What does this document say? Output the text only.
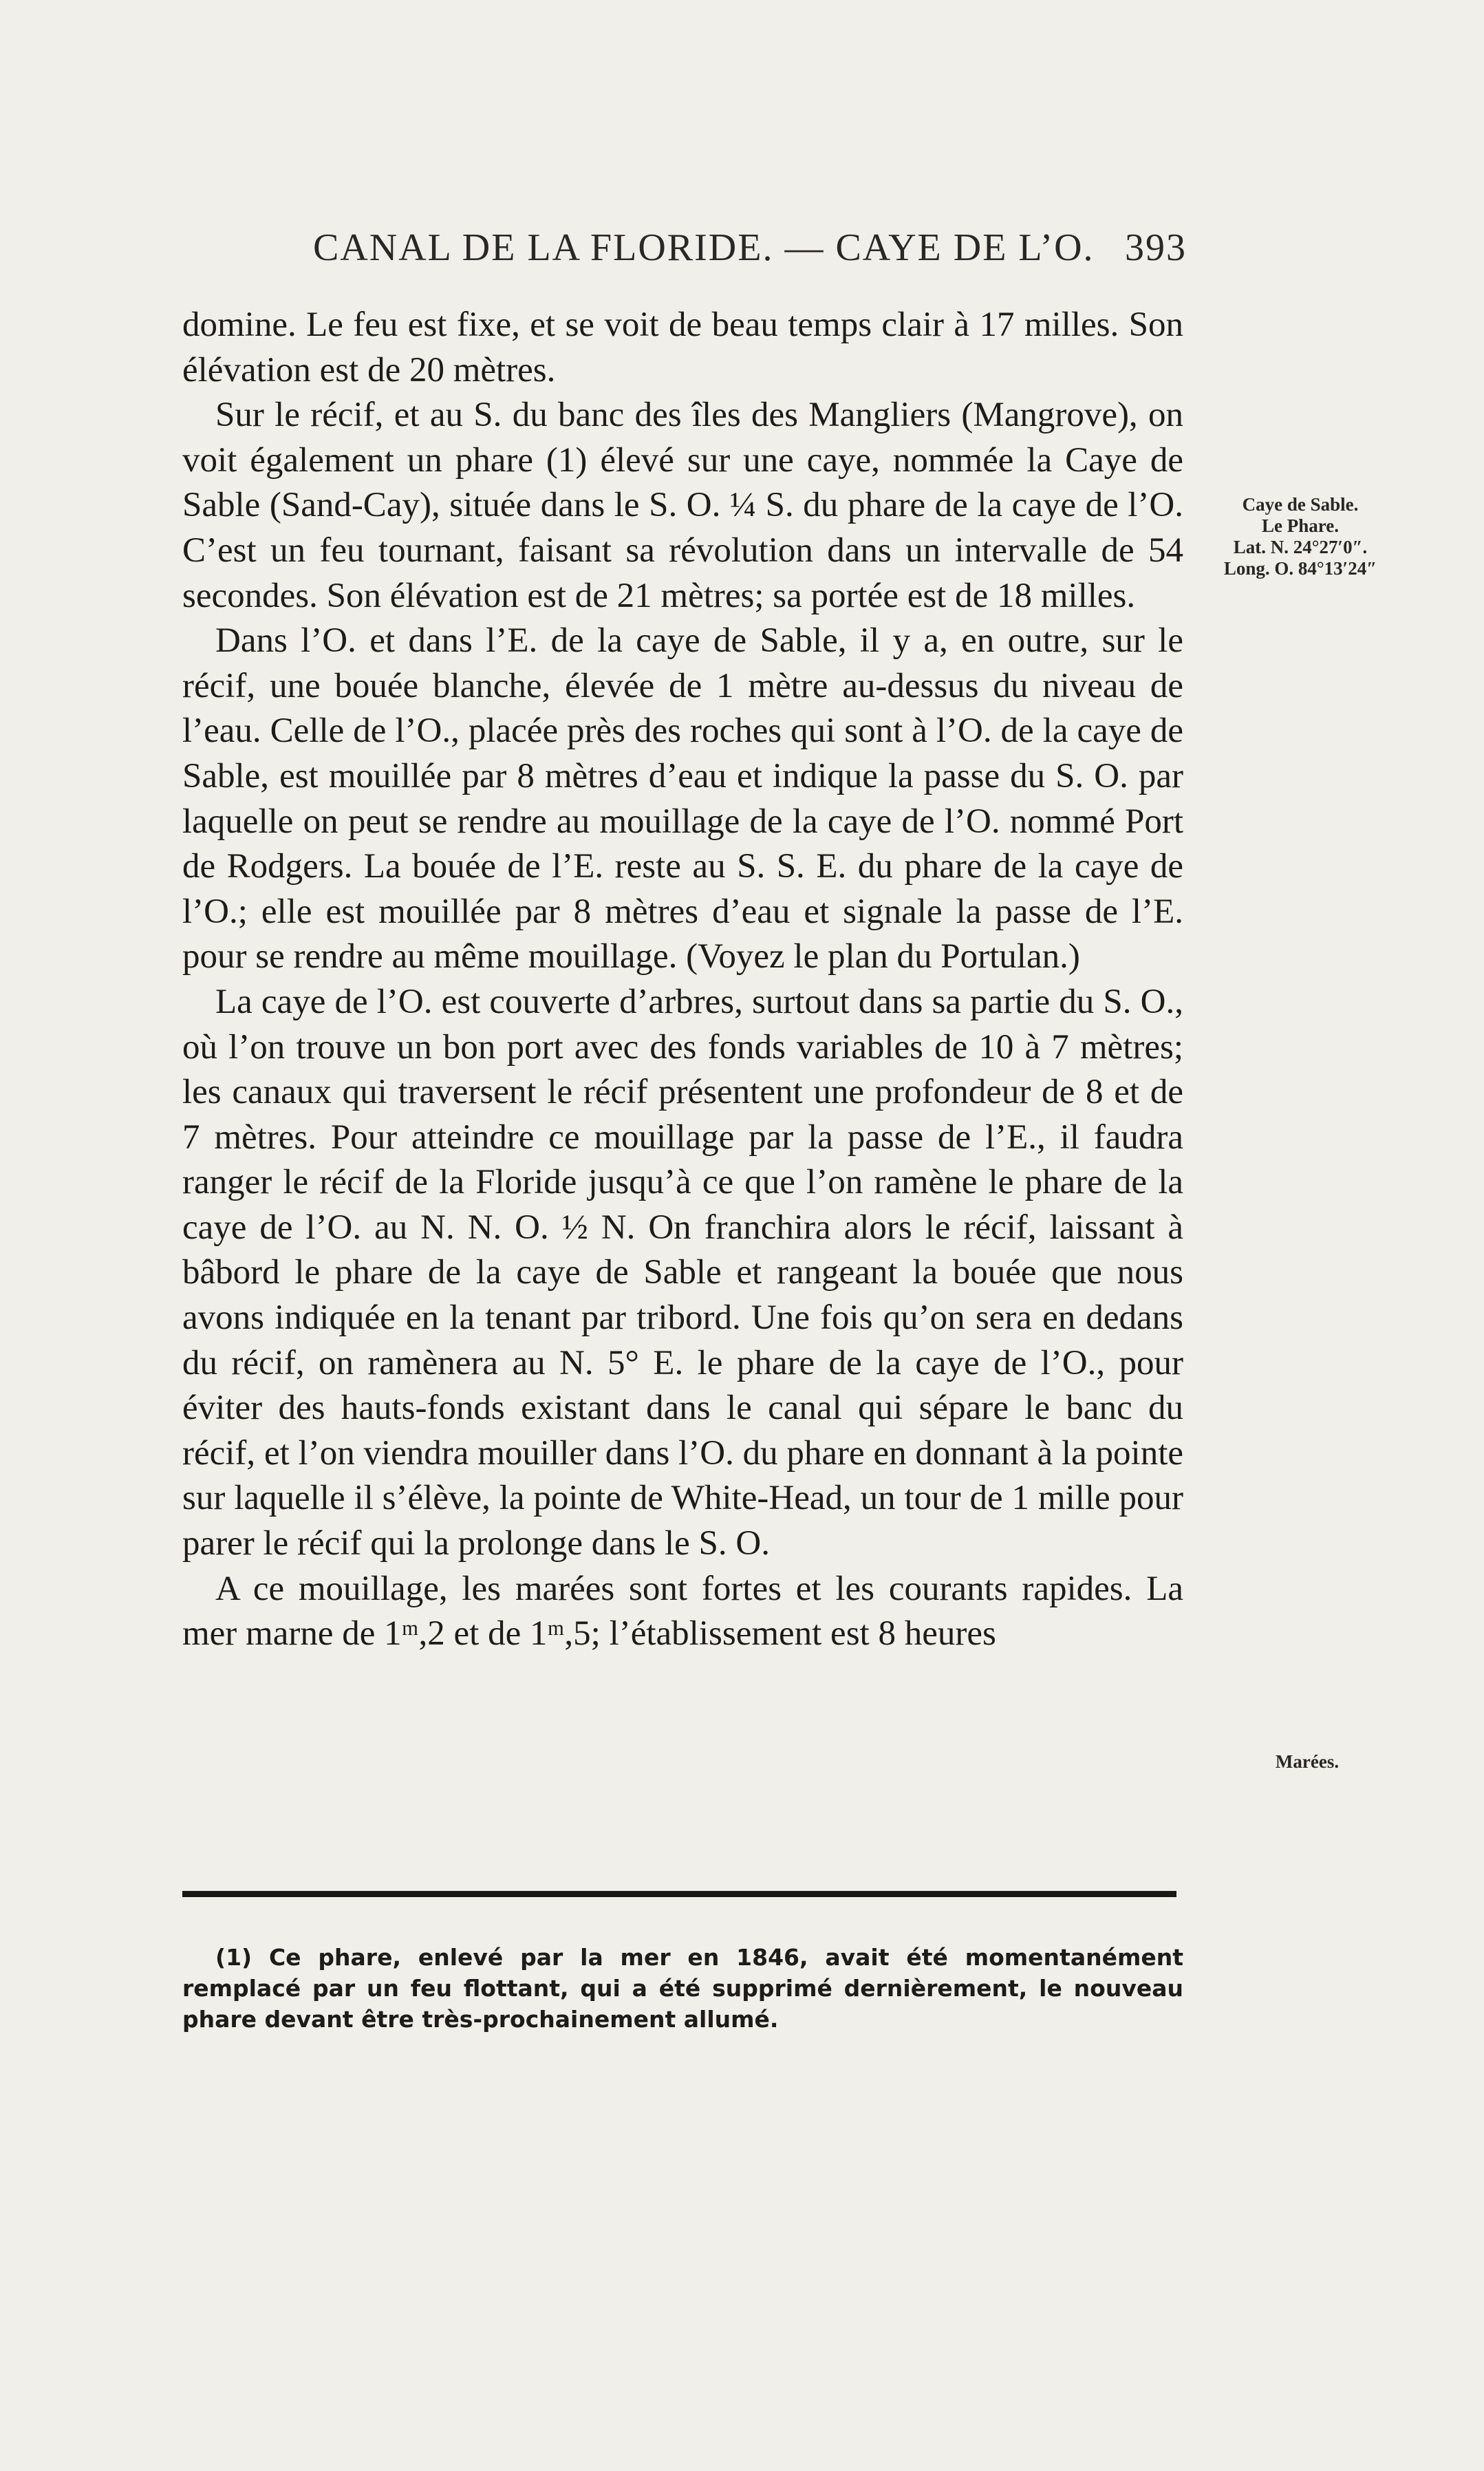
CANAL DE LA FLORIDE. — CAYE DE L’O. 393

domine. Le feu est fixe, et se voit de beau temps clair à 17 milles. Son élévation est de 20 mètres.

Sur le récif, et au S. du banc des îles des Mangliers (Mangrove), on voit également un phare (1) élevé sur une caye, nommée la Caye de Sable (Sand-Cay), située dans le S. O. ¼ S. du phare de la caye de l’O. C’est un feu tournant, faisant sa révolution dans un intervalle de 54 secondes. Son élévation est de 21 mètres; sa portée est de 18 milles.

Dans l’O. et dans l’E. de la caye de Sable, il y a, en outre, sur le récif, une bouée blanche, élevée de 1 mètre au-dessus du niveau de l’eau. Celle de l’O., placée près des roches qui sont à l’O. de la caye de Sable, est mouillée par 8 mètres d’eau et indique la passe du S. O. par laquelle on peut se rendre au mouillage de la caye de l’O. nommé Port de Rodgers. La bouée de l’E. reste au S. S. E. du phare de la caye de l’O.; elle est mouillée par 8 mètres d’eau et signale la passe de l’E. pour se rendre au même mouillage. (Voyez le plan du Portulan.)

La caye de l’O. est couverte d’arbres, surtout dans sa partie du S. O., où l’on trouve un bon port avec des fonds variables de 10 à 7 mètres; les canaux qui traversent le récif présentent une profondeur de 8 et de 7 mètres. Pour atteindre ce mouillage par la passe de l’E., il faudra ranger le récif de la Floride jusqu’à ce que l’on ramène le phare de la caye de l’O. au N. N. O. ½ N. On franchira alors le récif, laissant à bâbord le phare de la caye de Sable et rangeant la bouée que nous avons indiquée en la tenant par tribord. Une fois qu’on sera en dedans du récif, on ramènera au N. 5° E. le phare de la caye de l’O., pour éviter des hauts-fonds existant dans le canal qui sépare le banc du récif, et l’on viendra mouiller dans l’O. du phare en donnant à la pointe sur laquelle il s’élève, la pointe de White-Head, un tour de 1 mille pour parer le récif qui la prolonge dans le S. O.

A ce mouillage, les marées sont fortes et les courants rapides. La mer marne de 1ᵐ,2 et de 1ᵐ,5; l’établissement est 8 heures

Caye de Sable.
Le Phare.
Lat. N. 24°27′0″.
Long. O. 84°13′24″
Marées.

(1) Ce phare, enlevé par la mer en 1846, avait été momentanément remplacé par un feu flottant, qui a été supprimé dernièrement, le nouveau phare devant être très-prochainement allumé.
